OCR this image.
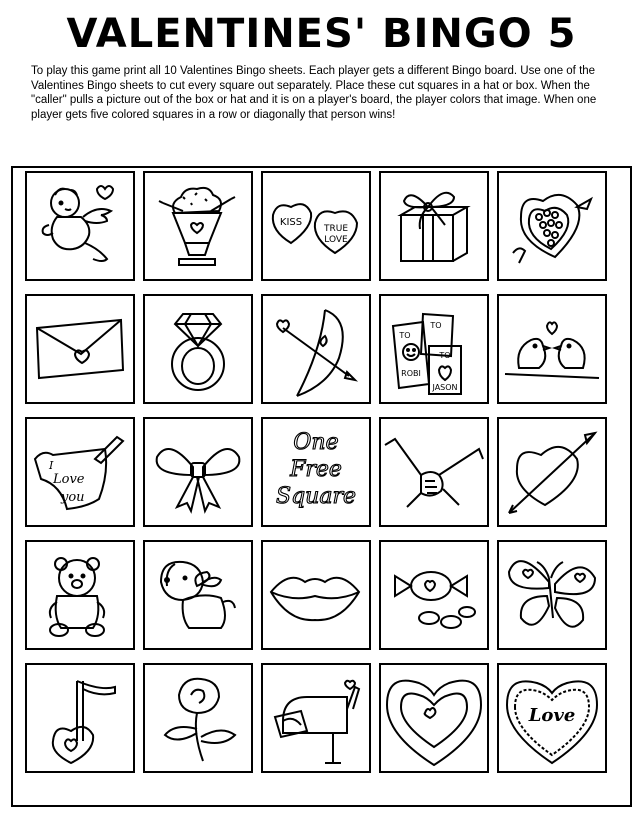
VALENTINES' BINGO 5
To play this game print all 10 Valentines Bingo sheets. Each player gets a different Bingo board. Use one of the Valentines Bingo sheets to cut every square out separately. Place these cut squares in a hat or box. When the "caller" pulls a picture out of the box or hat and it is on a player's board, the player colors that image. When one player gets five colored squares in a row or diagonally that person wins!
KISS
TRUE
LOVE
TO
TO
ROBI
TO
JASON
I
Love
you
One
Free
Square
Love
